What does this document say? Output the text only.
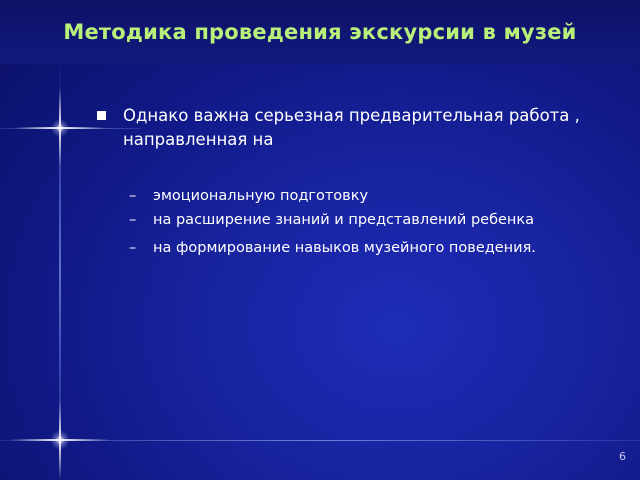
Методика проведения экскурсии в музей
Однако важна серьезная предварительная работа , направленная на
– эмоциональную подготовку
– на расширение знаний и представлений ребенка
– на формирование навыков музейного поведения.
6
